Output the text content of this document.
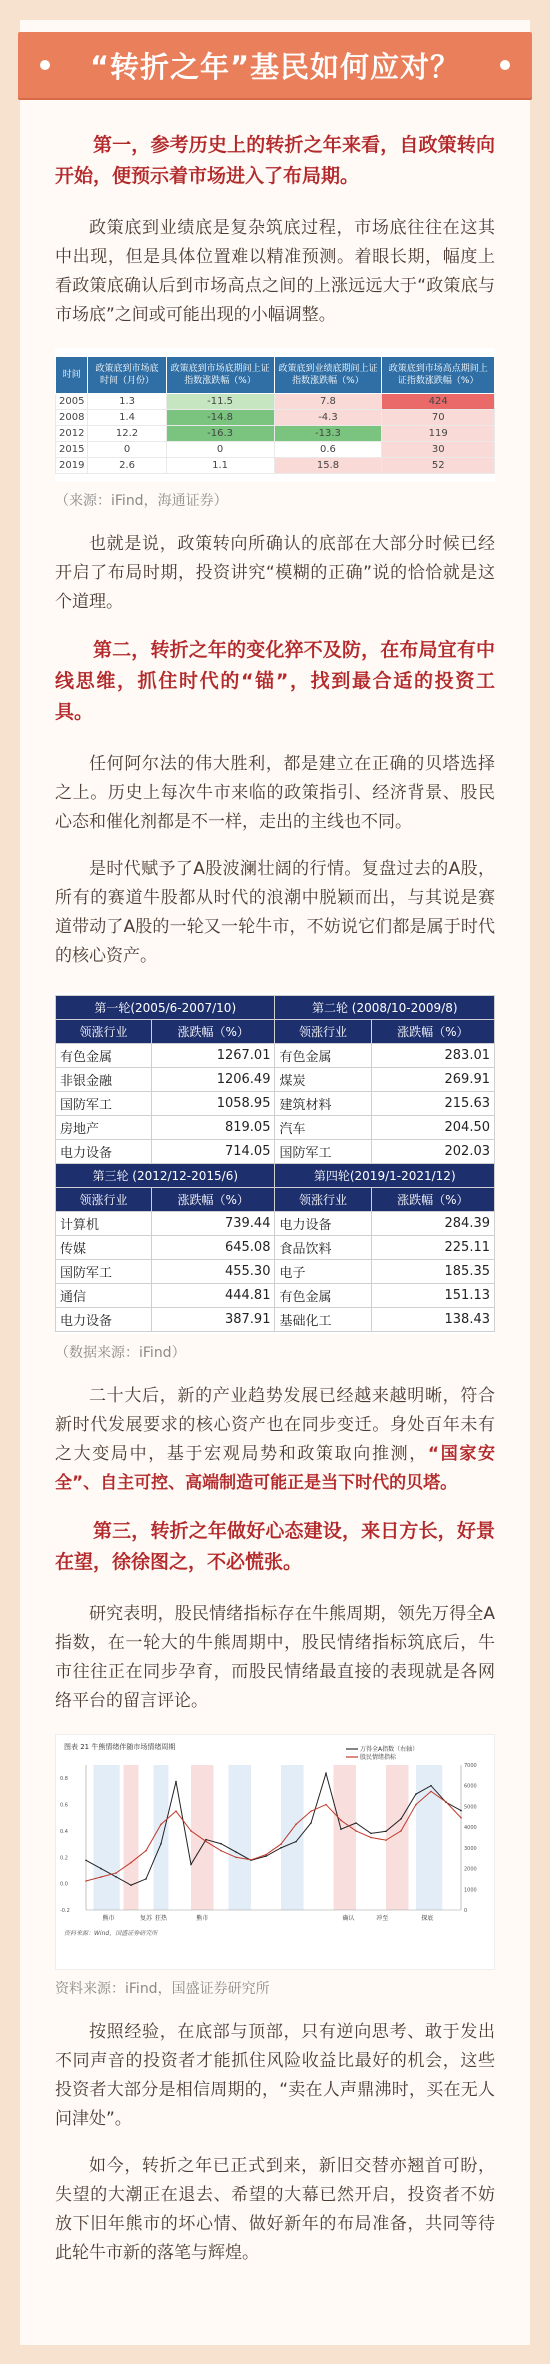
“转折之年”基民如何应对？

第一，参考历史上的转折之年来看，自政策转向开始，便预示着市场进入了布局期。

政策底到业绩底是复杂筑底过程，市场底往往在这其中出现，但是具体位置难以精准预测。着眼长期，幅度上看政策底确认后到市场高点之间的上涨远远大于“政策底与市场底”之间或可能出现的小幅调整。

时间	政策底到市场底时间（月份）	政策底到市场底期间上证指数涨跌幅（%）	政策底到业绩底期间上证指数涨跌幅（%）	政策底到市场高点期间上证指数涨跌幅（%）
2005	1.3	-11.5	7.8	424
2008	1.4	-14.8	-4.3	70
2012	12.2	-16.3	-13.3	119
2015	0	0	0.6	30
2019	2.6	1.1	15.8	52

（来源：iFind，海通证券）

也就是说，政策转向所确认的底部在大部分时候已经开启了布局时期，投资讲究“模糊的正确”说的恰恰就是这个道理。

第二，转折之年的变化猝不及防，在布局宜有中线思维，抓住时代的“锚”，找到最合适的投资工具。

任何阿尔法的伟大胜利，都是建立在正确的贝塔选择之上。历史上每次牛市来临的政策指引、经济背景、股民心态和催化剂都是不一样，走出的主线也不同。

是时代赋予了A股波澜壮阔的行情。复盘过去的A股，所有的赛道牛股都从时代的浪潮中脱颖而出，与其说是赛道带动了A股的一轮又一轮牛市，不妨说它们都是属于时代的核心资产。

第一轮(2005/6-2007/10)		第二轮 (2008/10-2009/8)	
领涨行业	涨跌幅（%）	领涨行业	涨跌幅（%）
有色金属	1267.01	有色金属	283.01
非银金融	1206.49	煤炭	269.91
国防军工	1058.95	建筑材料	215.63
房地产	819.05	汽车	204.50
电力设备	714.05	国防军工	202.03
第三轮 (2012/12-2015/6)		第四轮(2019/1-2021/12)	
领涨行业	涨跌幅（%）	领涨行业	涨跌幅（%）
计算机	739.44	电力设备	284.39
传媒	645.08	食品饮料	225.11
国防军工	455.30	电子	185.35
通信	444.81	有色金属	151.13
电力设备	387.91	基础化工	138.43

（数据来源：iFind）

二十大后，新的产业趋势发展已经越来越明晰，符合新时代发展要求的核心资产也在同步变迁。身处百年未有之大变局中，基于宏观局势和政策取向推测，“国家安全”、自主可控、高端制造可能正是当下时代的贝塔。

第三，转折之年做好心态建设，来日方长，好景在望，徐徐图之，不必慌张。

研究表明，股民情绪指标存在牛熊周期，领先万得全A指数，在一轮大的牛熊周期中，股民情绪指标筑底后，牛市往往正在同步孕育，而股民情绪最直接的表现就是各网络平台的留言评论。

图表 21 牛熊情绪伴随市场情绪周期	万得全A指数（右轴）
股民情绪指标
0
1000
2000
3000
4000
5000
6000
7000
-0.2
0.0
0.2
0.4
0.6
0.8
熊市	复苏 狂热	熊市	确认	冲至	探底
资料来源：Wind，国盛证券研究所

资料来源：iFind，国盛证券研究所

按照经验，在底部与顶部，只有逆向思考、敢于发出不同声音的投资者才能抓住风险收益比最好的机会，这些投资者大部分是相信周期的，“卖在人声鼎沸时，买在无人问津处”。

如今，转折之年已正式到来，新旧交替亦翘首可盼，失望的大潮正在退去、希望的大幕已然开启，投资者不妨放下旧年熊市的坏心情、做好新年的布局准备，共同等待此轮牛市新的落笔与辉煌。
